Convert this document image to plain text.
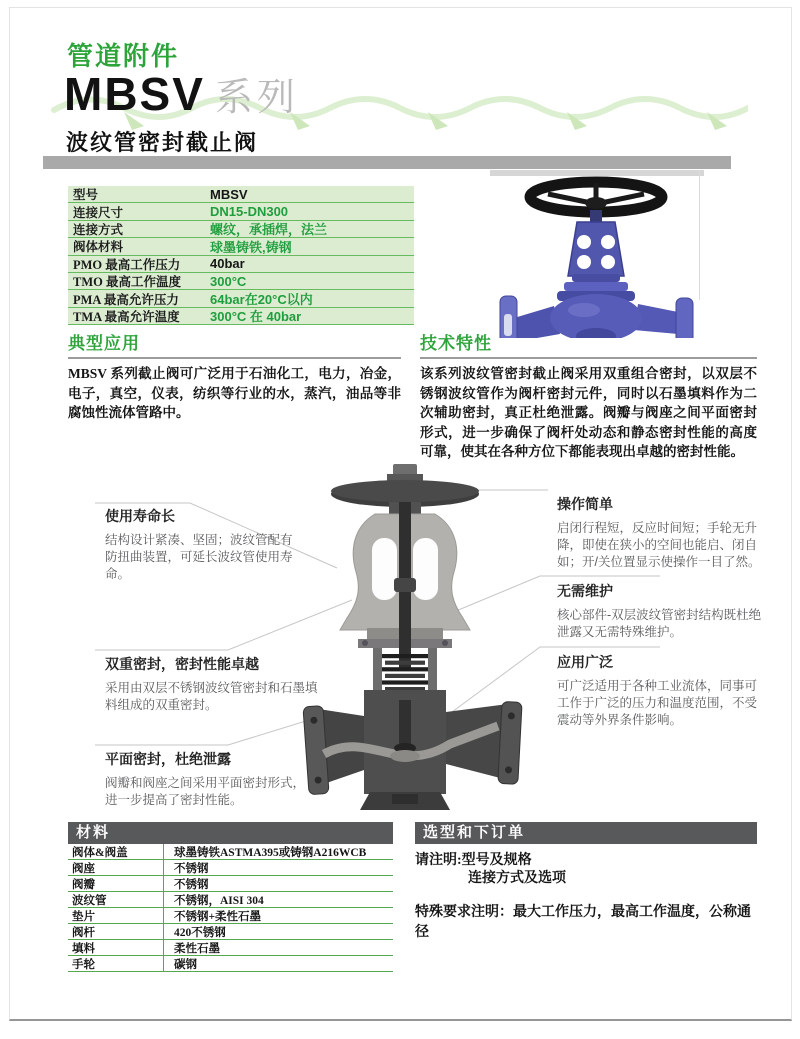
管道附件
MBSV 系列
波纹管密封截止阀
型号	MBSV
连接尺寸	DN15-DN300
连接方式	螺纹，承插焊，法兰
阀体材料	球墨铸铁,铸钢
PMO 最高工作压力	40bar
TMO 最高工作温度	300°C
PMA 最高允许压力	64bar在20°C以内
TMA 最高允许温度	300°C 在 40bar
典型应用

MBSV 系列截止阀可广泛用于石油化工，电力，冶金，电子，真空，仪表，纺织等行业的水，蒸汽，油品等非腐蚀性流体管路中。

技术特性

该系列波纹管密封截止阀采用双重组合密封，以双层不锈钢波纹管作为阀杆密封元件，同时以石墨填料作为二次辅助密封，真正杜绝泄露。阀瓣与阀座之间平面密封形式，进一步确保了阀杆处动态和静态密封性能的高度可靠，使其在各种方位下都能表现出卓越的密封性能。

使用寿命长

结构设计紧凑、坚固；波纹管配有防扭曲装置，可延长波纹管使用寿命。

双重密封，密封性能卓越

采用由双层不锈钢波纹管密封和石墨填料组成的双重密封。

平面密封，杜绝泄露

阀瓣和阀座之间采用平面密封形式，进一步提高了密封性能。

操作简单

启闭行程短，反应时间短；手轮无升降，即使在狭小的空间也能启、闭自如；开/关位置显示使操作一目了然。

无需维护

核心部件-双层波纹管密封结构既杜绝泄露又无需特殊维护。

应用广泛

可广泛适用于各种工业流体，同事可工作于广泛的压力和温度范围，不受震动等外界条件影响。

材料
阀体&阀盖	球墨铸铁ASTMA395或铸钢A216WCB
阀座	不锈钢
阀瓣	不锈钢
波纹管	不锈钢，AISI 304
垫片	不锈钢+柔性石墨
阀杆	420不锈钢
填料	柔性石墨
手轮	碳钢
选型和下订单
请注明:型号及规格
连接方式及选项
特殊要求注明：最大工作压力，最高工作温度，公称通径
